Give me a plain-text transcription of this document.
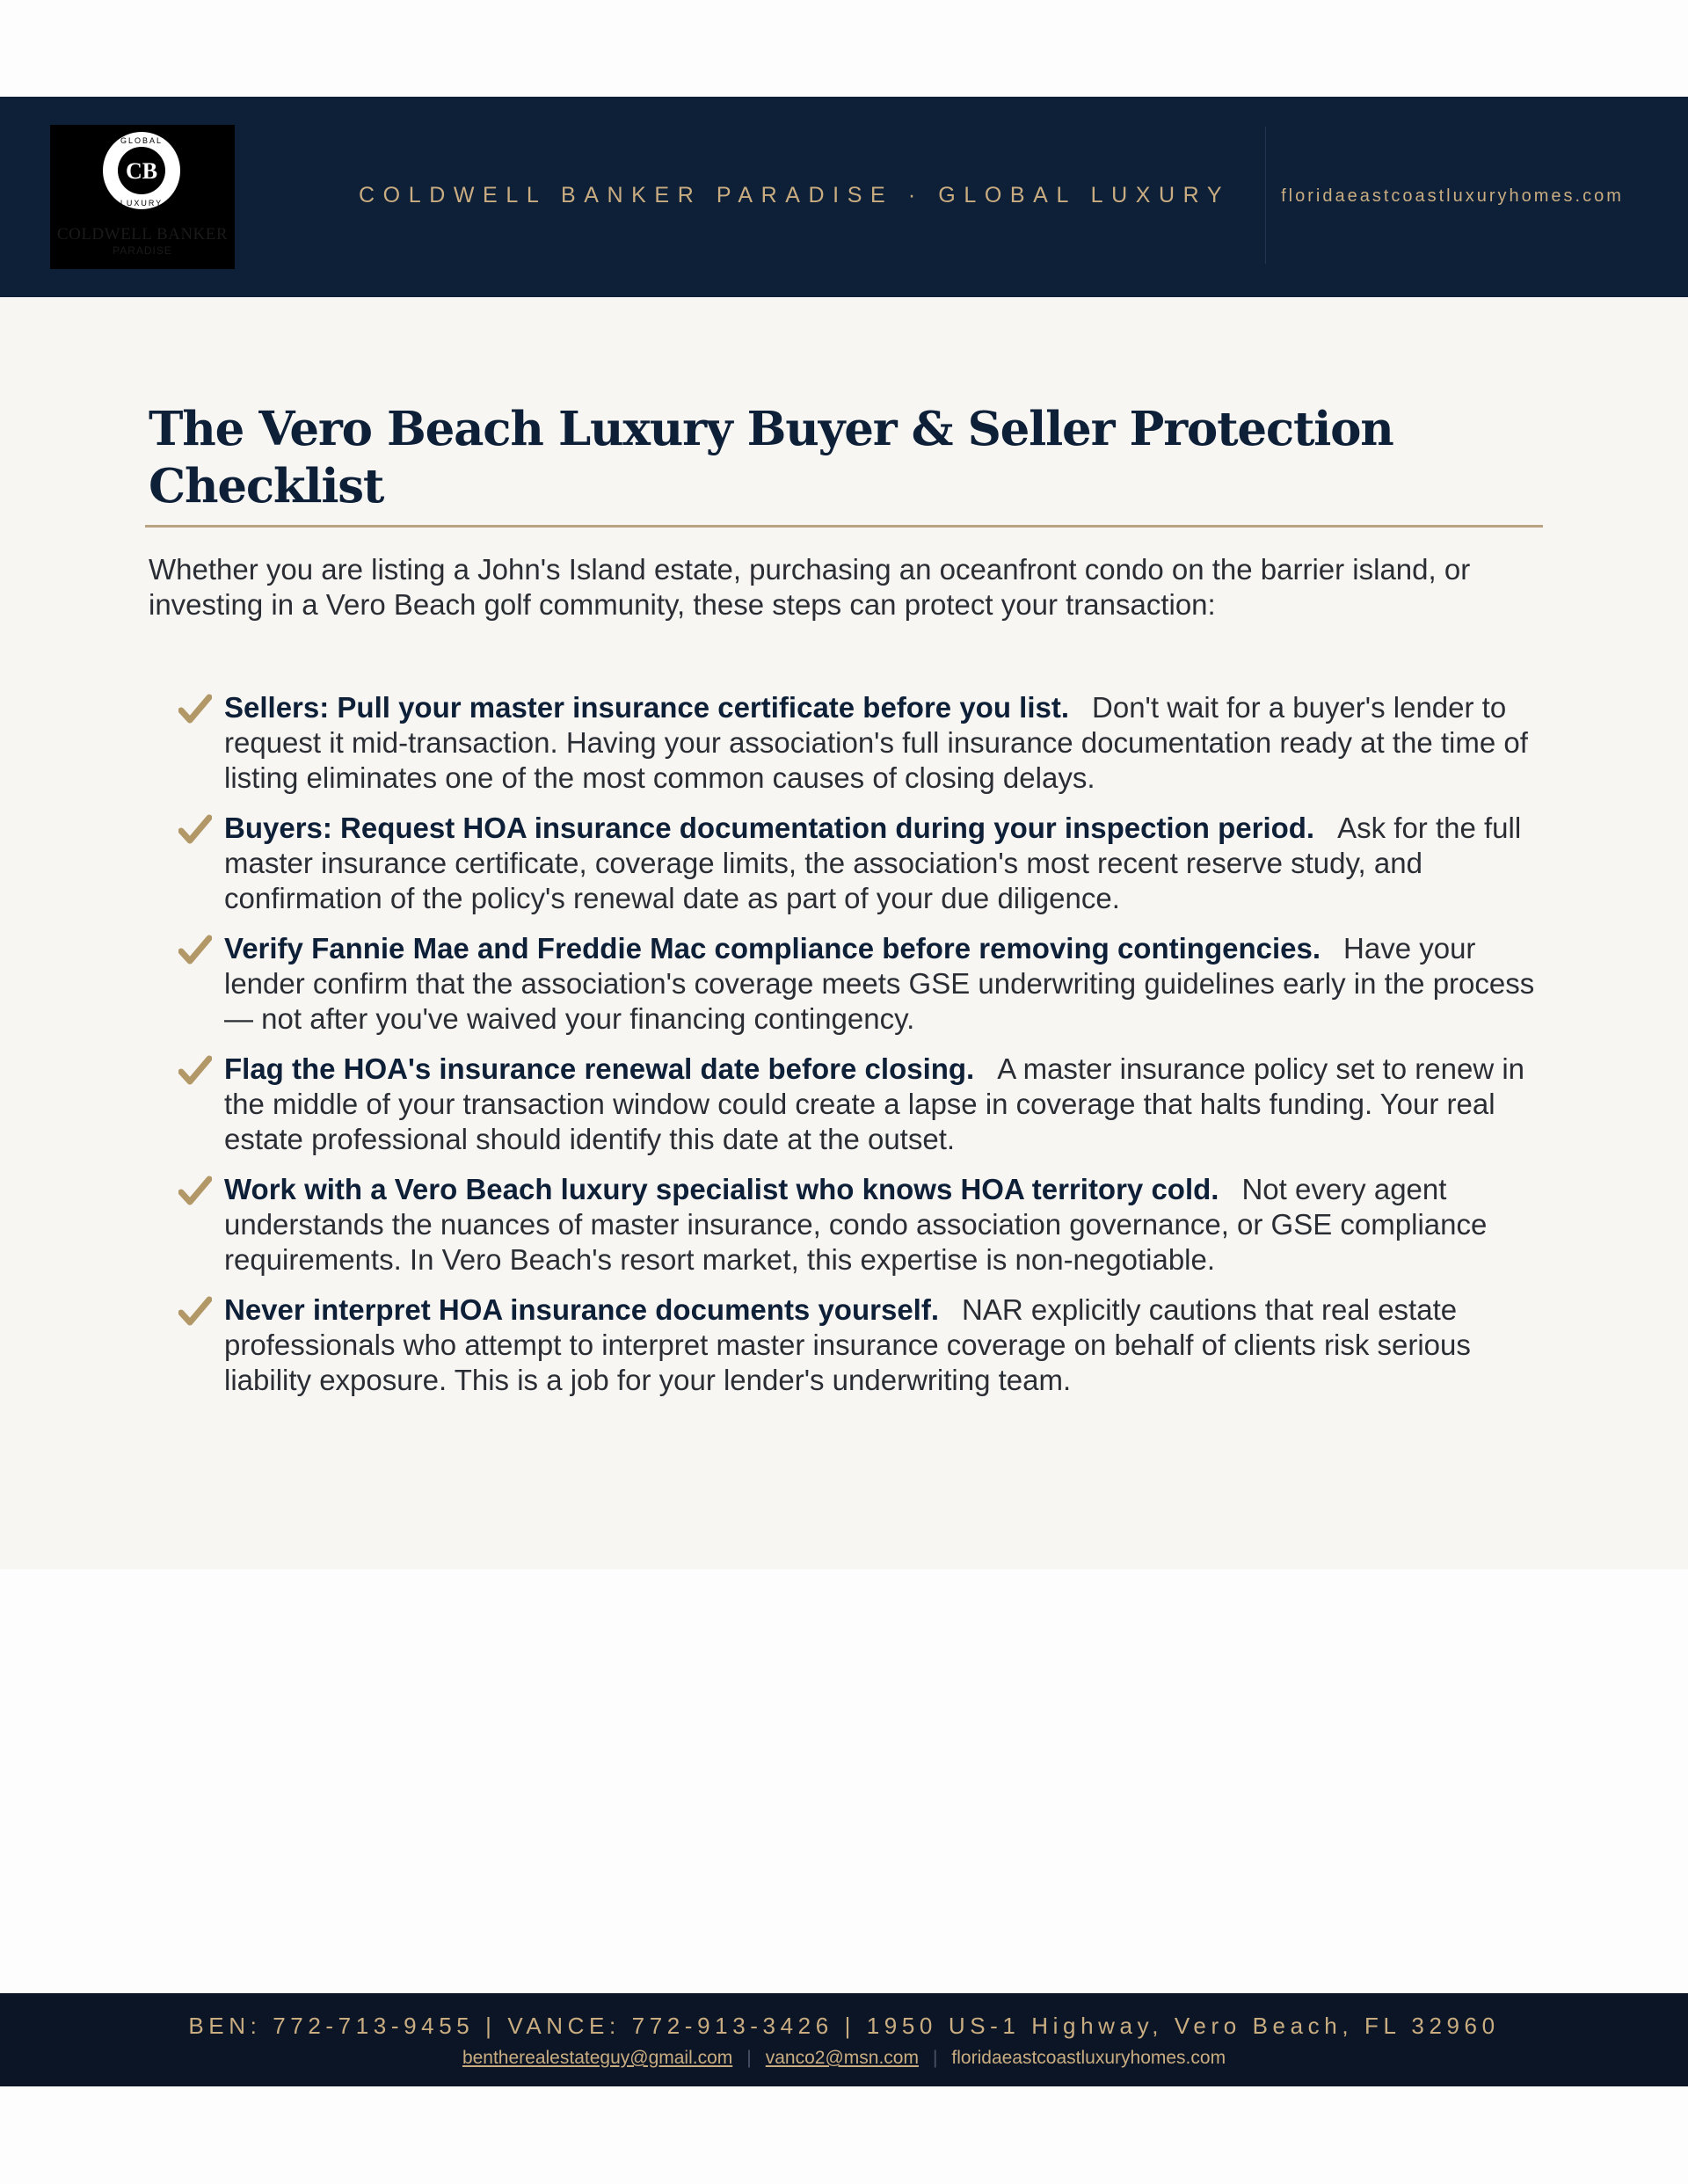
CB
GLOBAL
LUXURY
COLDWELL BANKER
PARADISE
COLDWELL BANKER PARADISE · GLOBAL LUXURY	floridaeastcoastluxuryhomes.com
The Vero Beach Luxury Buyer & Seller Protection Checklist

Whether you are listing a John's Island estate, purchasing an oceanfront condo on the barrier island, or investing in a Vero Beach golf community, these steps can protect your transaction:

Sellers: Pull your master insurance certificate before you list. Don't wait for a buyer's lender to request it mid-transaction. Having your association's full insurance documentation ready at the time of listing eliminates one of the most common causes of closing delays.
Buyers: Request HOA insurance documentation during your inspection period. Ask for the full master insurance certificate, coverage limits, the association's most recent reserve study, and confirmation of the policy's renewal date as part of your due diligence.
Verify Fannie Mae and Freddie Mac compliance before removing contingencies. Have your lender confirm that the association's coverage meets GSE underwriting guidelines early in the process — not after you've waived your financing contingency.
Flag the HOA's insurance renewal date before closing. A master insurance policy set to renew in the middle of your transaction window could create a lapse in coverage that halts funding. Your real estate professional should identify this date at the outset.
Work with a Vero Beach luxury specialist who knows HOA territory cold. Not every agent understands the nuances of master insurance, condo association governance, or GSE compliance requirements. In Vero Beach's resort market, this expertise is non-negotiable.
Never interpret HOA insurance documents yourself. NAR explicitly cautions that real estate professionals who attempt to interpret master insurance coverage on behalf of clients risk serious liability exposure. This is a job for your lender's underwriting team.
BEN: 772-713-9455 | VANCE: 772-913-3426 | 1950 US-1 Highway, Vero Beach, FL 32960
bentherealestateguy@gmail.com | vanco2@msn.com | floridaeastcoastluxuryhomes.com
